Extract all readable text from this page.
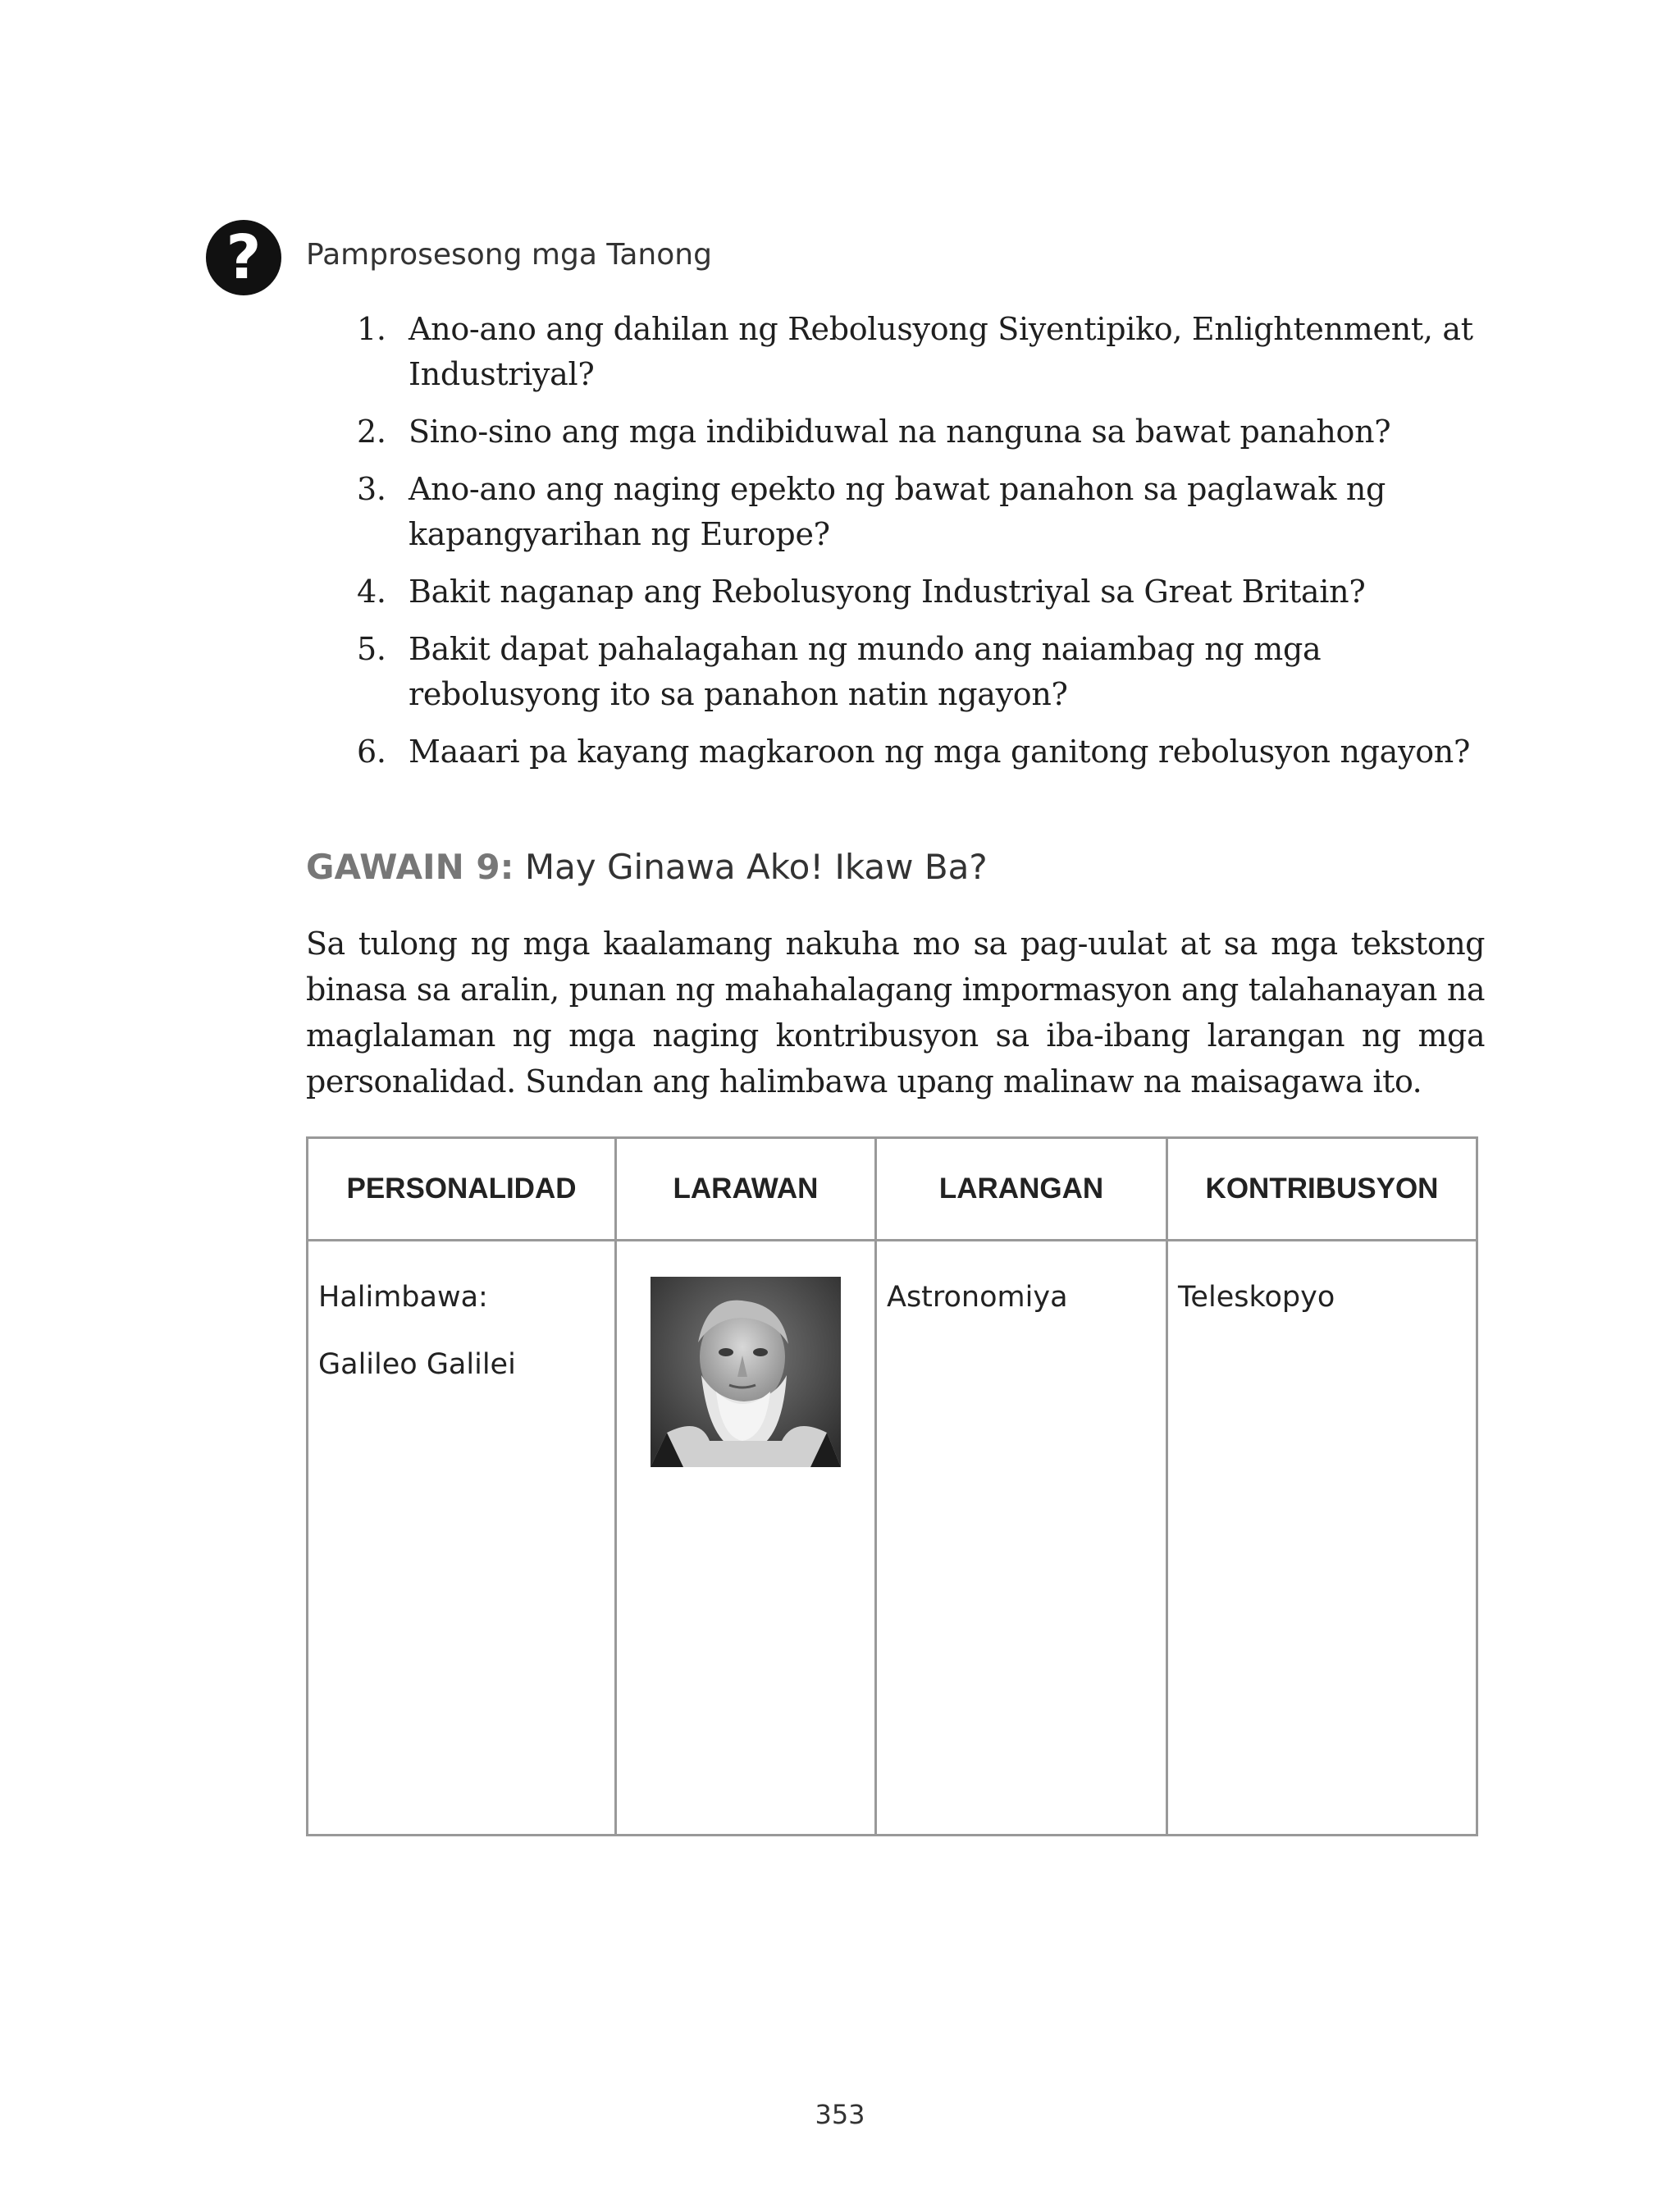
?	Pamprosesong mga Tanong
1. Ano-ano ang dahilan ng Rebolusyong Siyentipiko, Enlightenment, at Industriyal?
2. Sino-sino ang mga indibiduwal na nanguna sa bawat panahon?
3. Ano-ano ang naging epekto ng bawat panahon sa paglawak ng kapangyarihan ng Europe?
4. Bakit naganap ang Rebolusyong Industriyal sa Great Britain?
5. Bakit dapat pahalagahan ng mundo ang naiambag ng mga rebolusyong ito sa panahon natin ngayon?
6. Maaari pa kayang magkaroon ng mga ganitong rebolusyon ngayon?
GAWAIN 9: May Ginawa Ako! Ikaw Ba?

Sa tulong ng mga kaalamang nakuha mo sa pag-uulat at sa mga tekstong binasa sa aralin, punan ng mahahalagang impormasyon ang talahanayan na maglalaman ng mga naging kontribusyon sa iba-ibang larangan ng mga personalidad. Sundan ang halimbawa upang malinaw na maisagawa ito.

PERSONALIDAD	LARAWAN	LARANGAN	KONTRIBUSYON

Halimbawa:
Galileo Galilei		Astronomiya	Teleskopyo
353
